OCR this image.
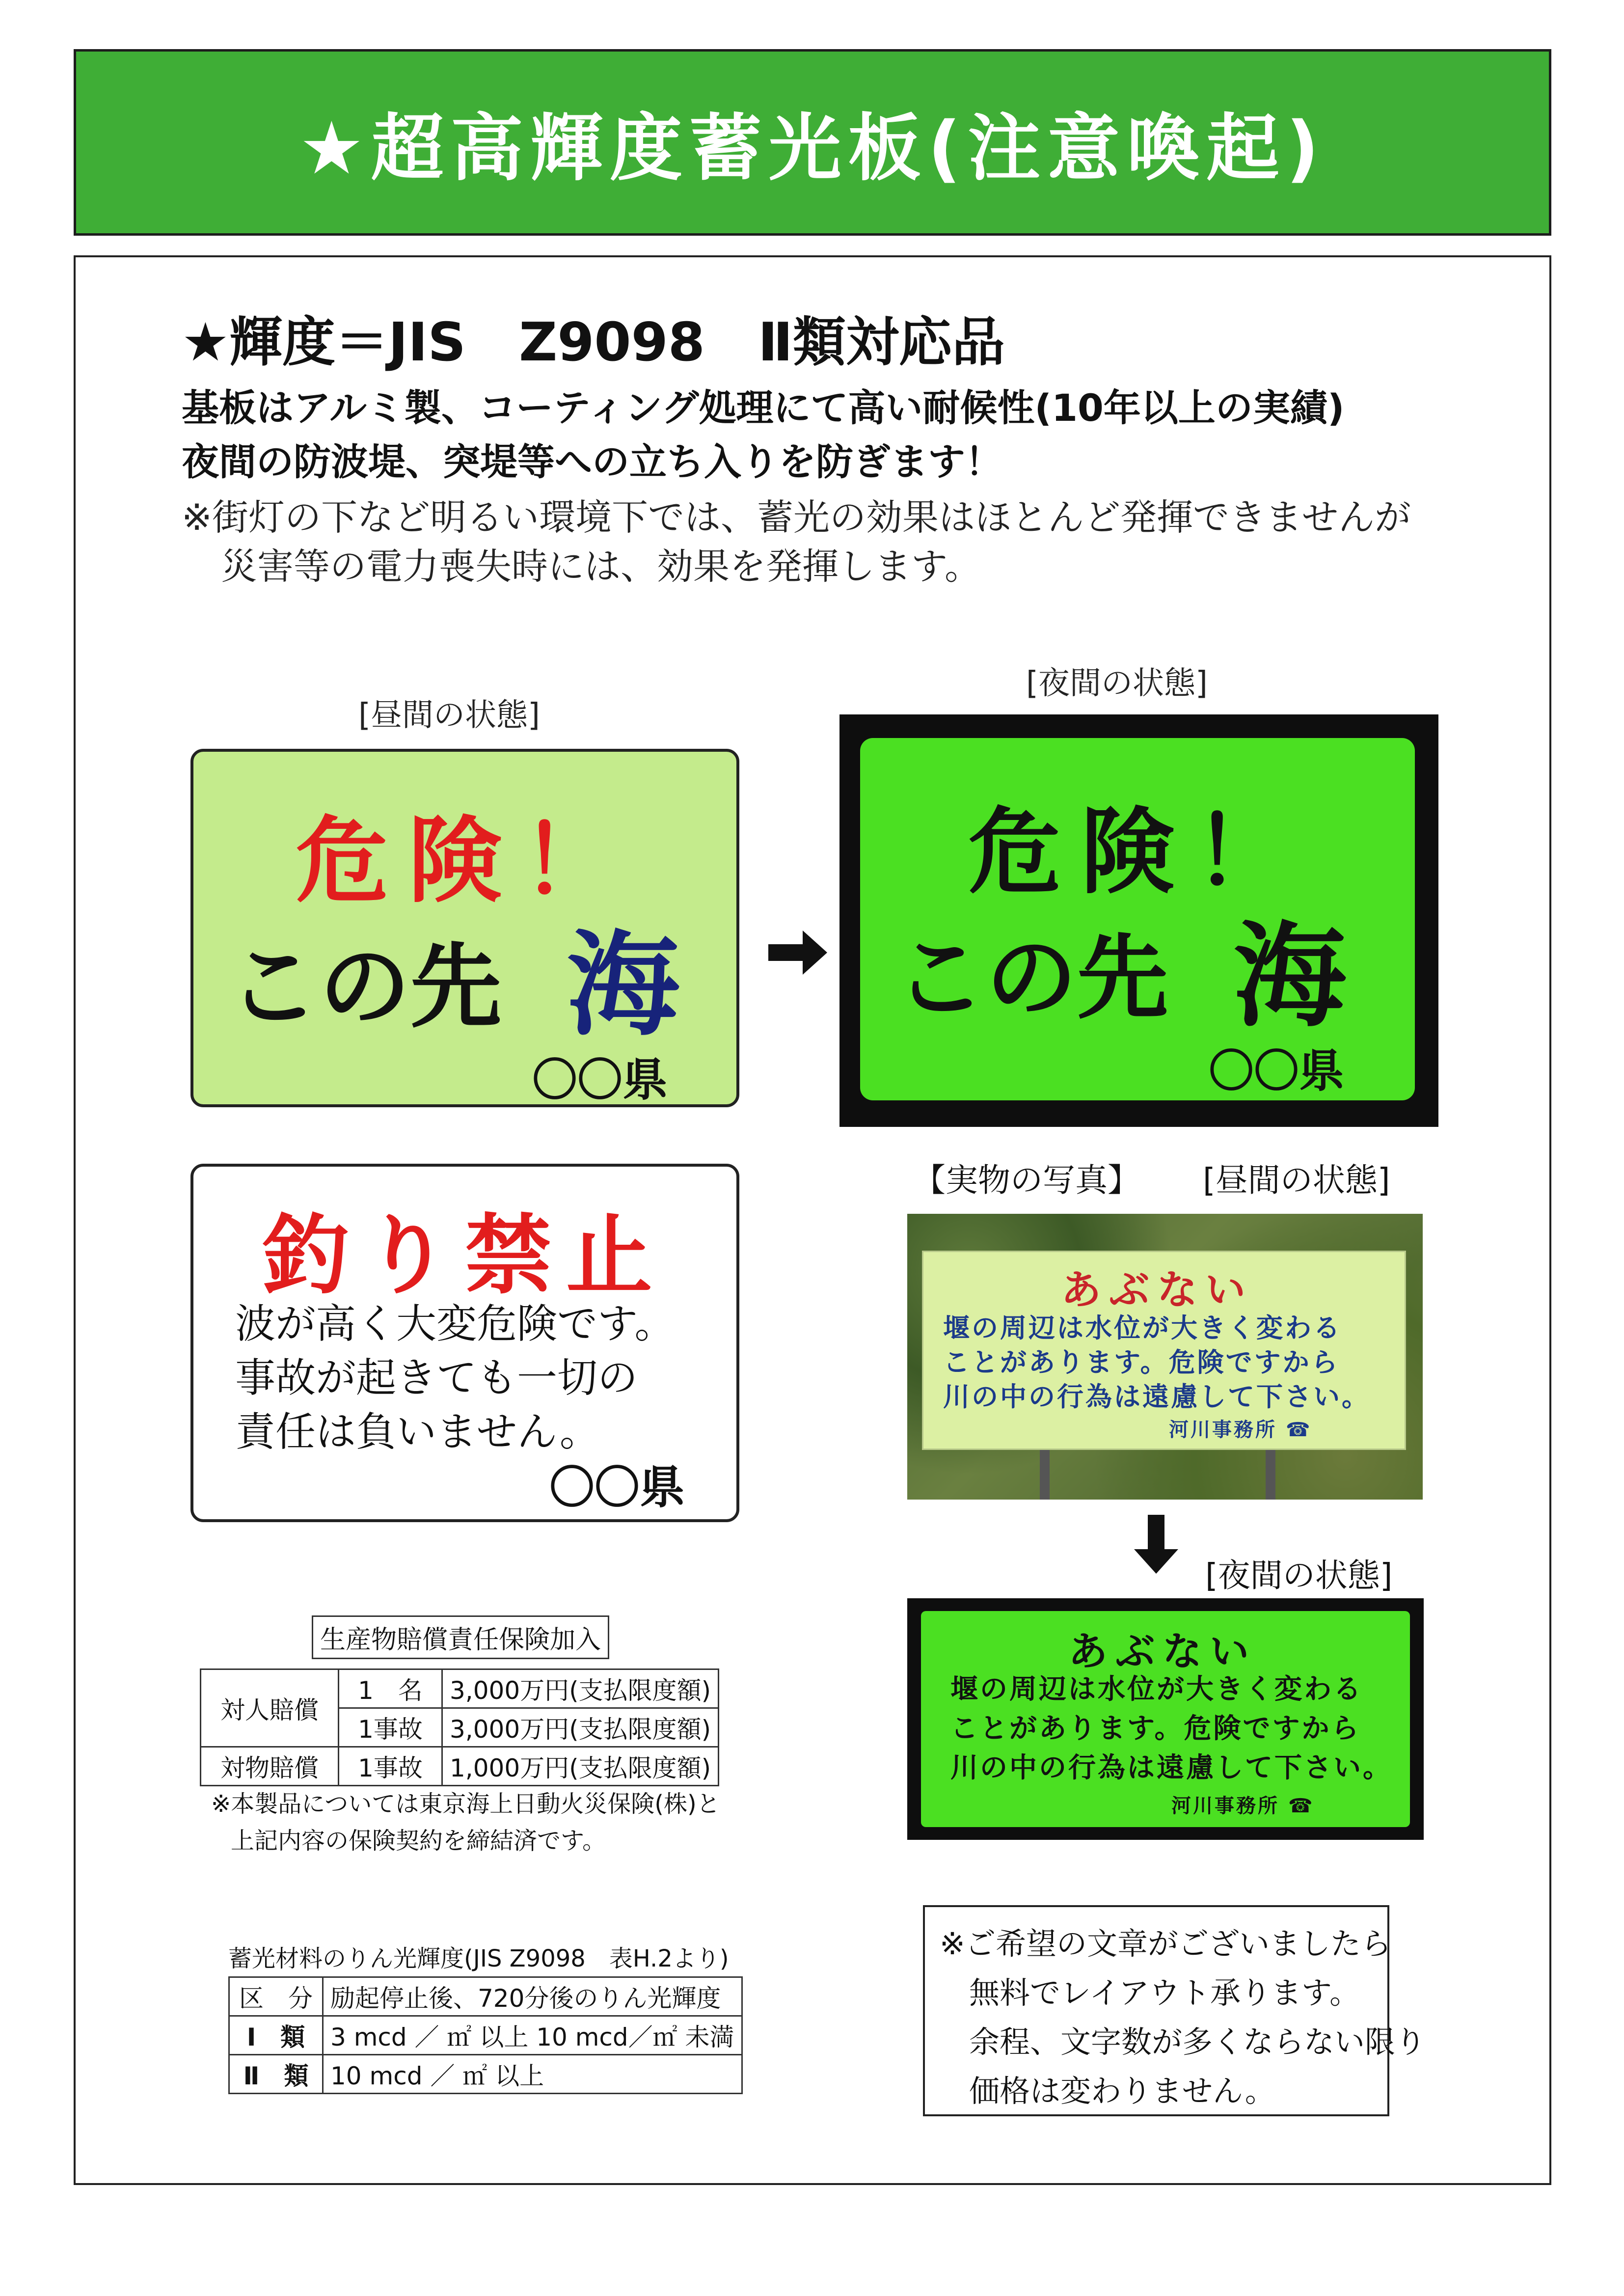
★超高輝度蓄光板(注意喚起)
★輝度＝JIS　Z9098　Ⅱ類対応品
基板はアルミ製、コーティング処理にて高い耐候性(10年以上の実績)
夜間の防波堤、突堤等への立ち入りを防ぎます！
※街灯の下など明るい環境下では、蓄光の効果はほとんど発揮できませんが
災害等の電力喪失時には、効果を発揮します。
[昼間の状態]
[夜間の状態]
危険！
この先 海
〇〇県
危険！
この先 海
〇〇県
釣り禁止
波が高く大変危険です。
事故が起きても一切の
責任は負いません。
〇〇県
【実物の写真】 [昼間の状態]
あぶない
堰の周辺は水位が大きく変わる
ことがあります。危険ですから
川の中の行為は遠慮して下さい。
河川事務所 ☎
[夜間の状態]
あぶない
堰の周辺は水位が大きく変わる
ことがあります。危険ですから
川の中の行為は遠慮して下さい。
河川事務所 ☎
生産物賠償責任保険加入
対人賠償	1　名	3,000万円(支払限度額)
	1事故	3,000万円(支払限度額)
対物賠償	1事故	1,000万円(支払限度額)
※本製品については東京海上日動火災保険(株)と
上記内容の保険契約を締結済です。
蓄光材料のりん光輝度(JIS Z9098　表H.2より)
区　分	励起停止後、720分後のりん光輝度
Ⅰ　類	3 mcd ／ ㎡ 以上 10 mcd／㎡ 未満
Ⅱ　類	10 mcd ／ ㎡ 以上
※ご希望の文章がございましたら
無料でレイアウト承ります。
余程、文字数が多くならない限り
価格は変わりません。
